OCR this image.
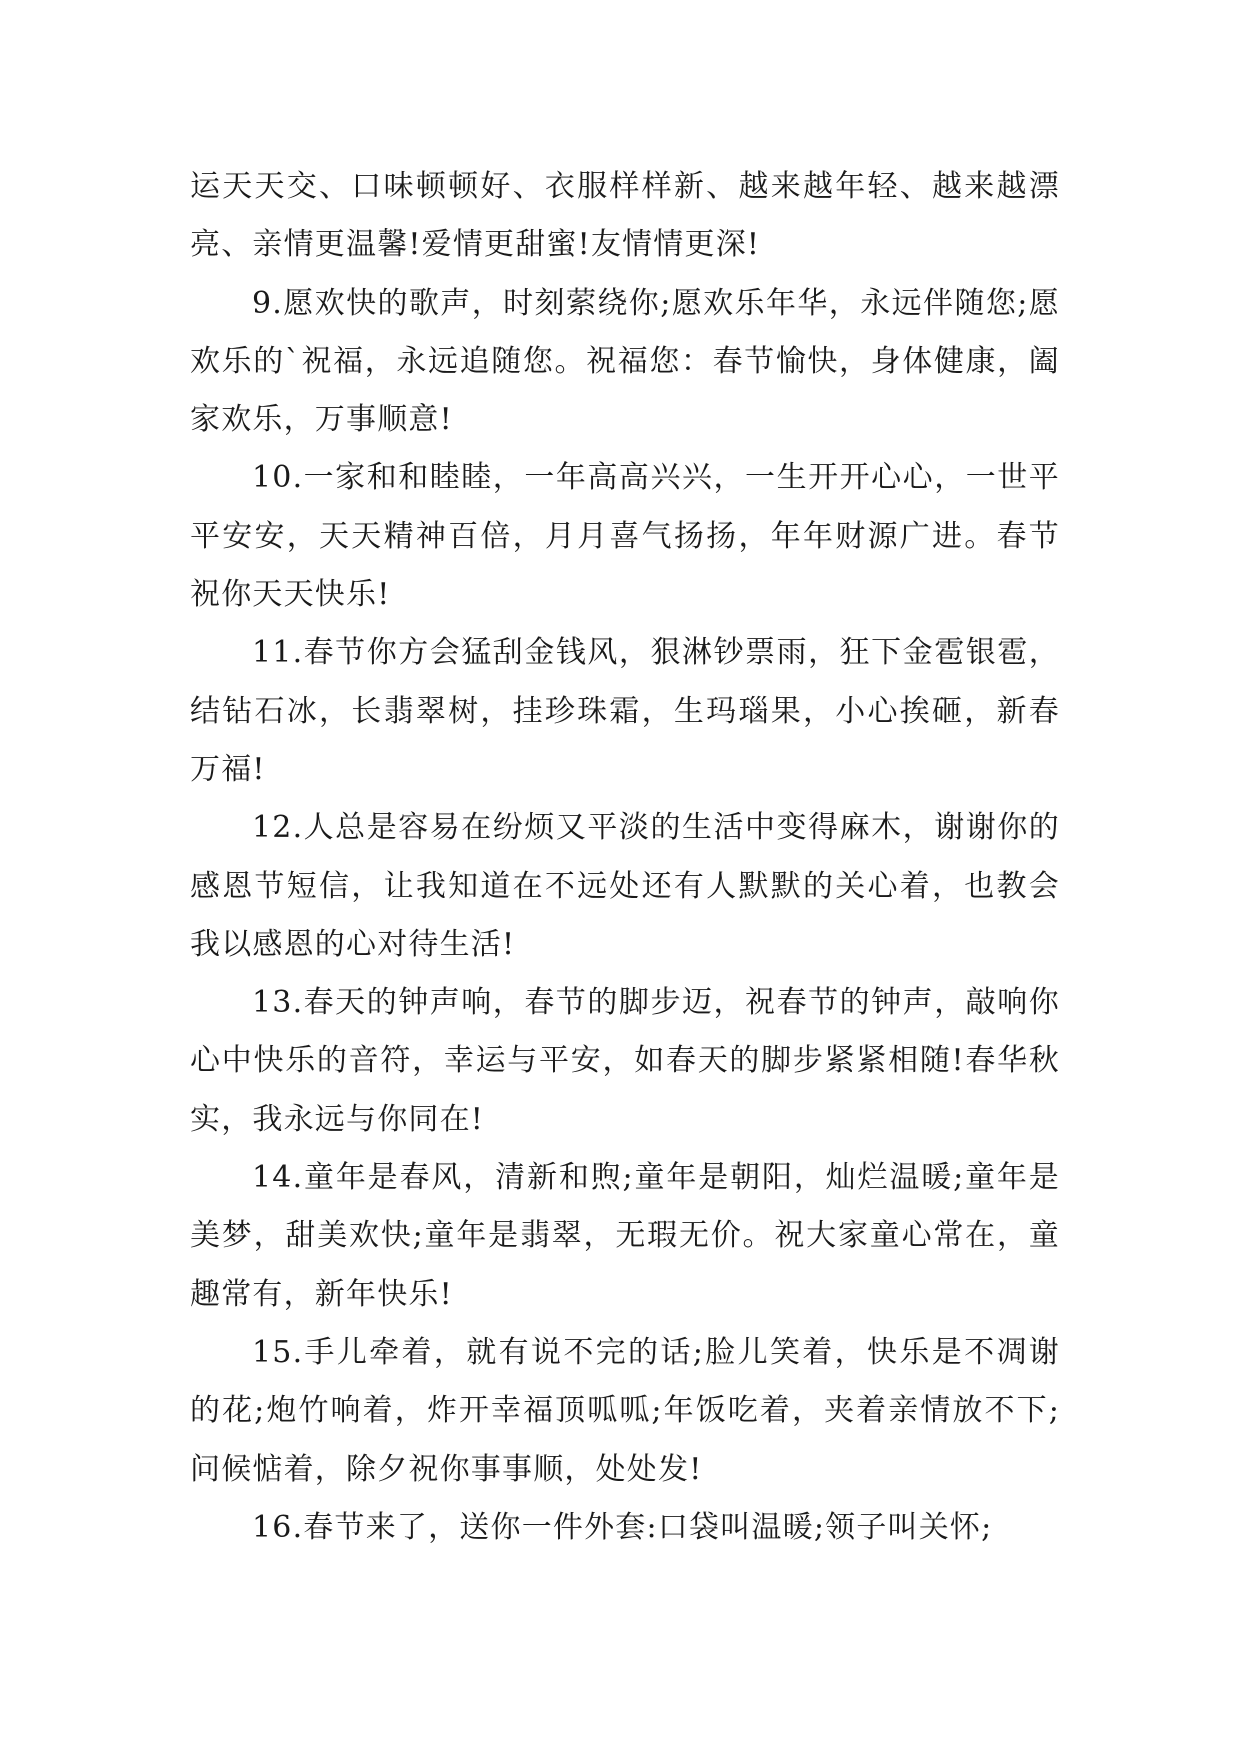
运天天交、口味顿顿好、衣服样样新、越来越年轻、越来越漂亮、亲情更温馨!爱情更甜蜜!友情情更深!

9.愿欢快的歌声，时刻萦绕你;愿欢乐年华，永远伴随您;愿欢乐的`祝福，永远追随您。祝福您：春节愉快，身体健康，阖家欢乐，万事顺意!

10.一家和和睦睦，一年高高兴兴，一生开开心心，一世平平安安，天天精神百倍，月月喜气扬扬，年年财源广进。春节祝你天天快乐!

11.春节你方会猛刮金钱风，狠淋钞票雨，狂下金雹银雹，结钻石冰，长翡翠树，挂珍珠霜，生玛瑙果，小心挨砸，新春万福!

12.人总是容易在纷烦又平淡的生活中变得麻木，谢谢你的感恩节短信，让我知道在不远处还有人默默的关心着，也教会我以感恩的心对待生活!

13.春天的钟声响，春节的脚步迈，祝春节的钟声，敲响你心中快乐的音符，幸运与平安，如春天的脚步紧紧相随!春华秋实，我永远与你同在!

14.童年是春风，清新和煦;童年是朝阳，灿烂温暖;童年是美梦，甜美欢快;童年是翡翠，无瑕无价。祝大家童心常在，童趣常有，新年快乐!

15.手儿牵着，就有说不完的话;脸儿笑着，快乐是不凋谢的花;炮竹响着，炸开幸福顶呱呱;年饭吃着，夹着亲情放不下;问候惦着，除夕祝你事事顺，处处发!

16.春节来了，送你一件外套:口袋叫温暖;领子叫关怀;
